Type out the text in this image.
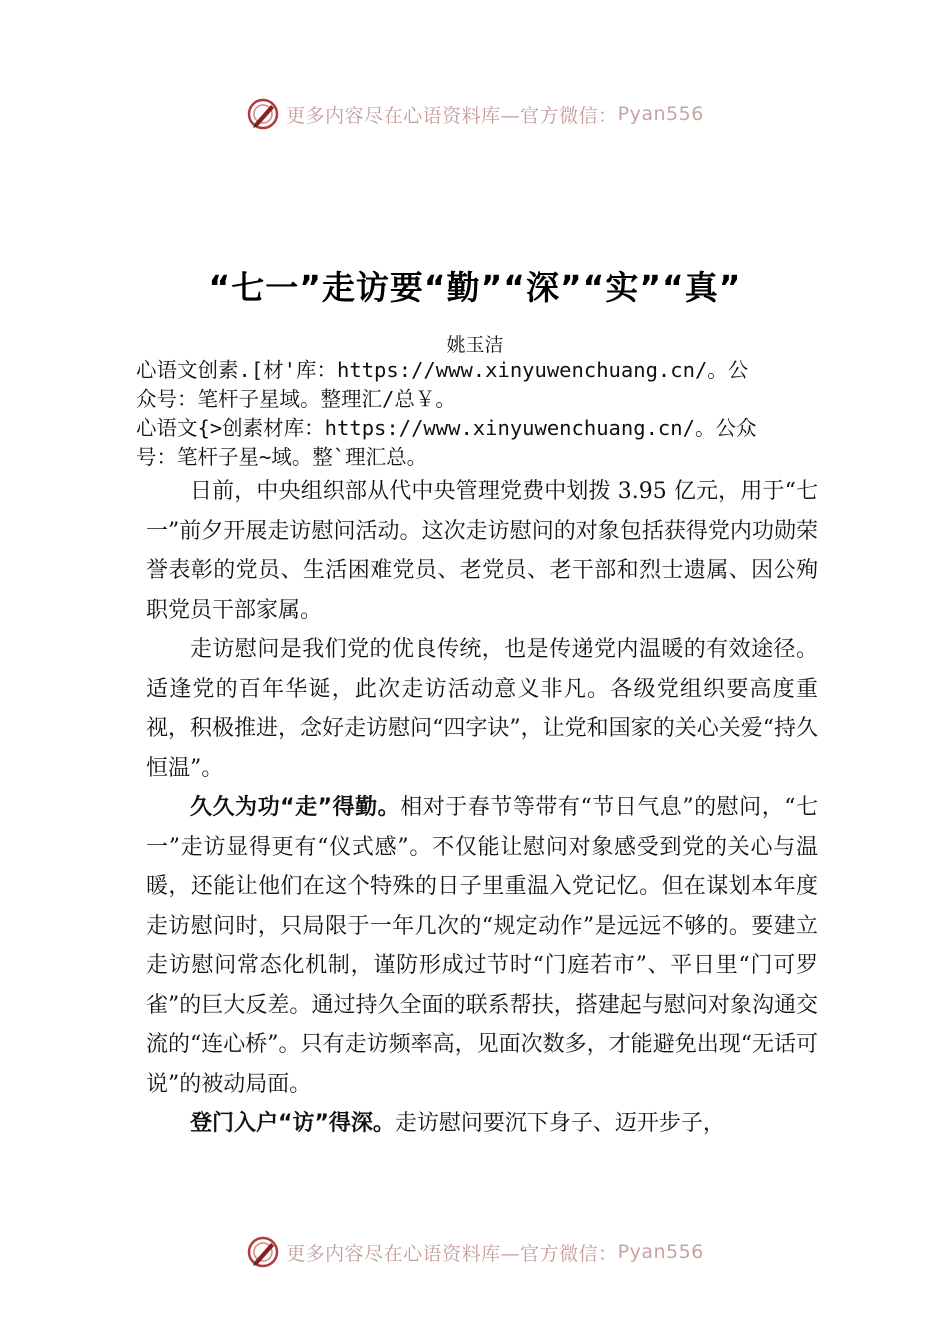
更多内容尽在心语资料库—官方微信： Pyan556
“七一”走访要“勤”“深”“实”“真”
姚玉洁
心语文创素.[材'库：https://www.xinyuwenchuang.cn/。公
众号：笔杆子星域。整理汇/总￥。
心语文{>创素材库：https://www.xinyuwenchuang.cn/。公众
号：笔杆子星~域。整`理汇总。

日前，中央组织部从代中央管理党费中划拨 3.95 亿元，用于“七一”前夕开展走访慰问活动。这次走访慰问的对象包括获得党内功勋荣誉表彰的党员、生活困难党员、老党员、老干部和烈士遗属、因公殉职党员干部家属。

走访慰问是我们党的优良传统，也是传递党内温暖的有效途径。适逢党的百年华诞，此次走访活动意义非凡。各级党组织要高度重视，积极推进，念好走访慰问“四字诀”，让党和国家的关心关爱“持久恒温”。

久久为功“走”得勤。相对于春节等带有“节日气息”的慰问，“七一”走访显得更有“仪式感”。不仅能让慰问对象感受到党的关心与温暖，还能让他们在这个特殊的日子里重温入党记忆。但在谋划本年度走访慰问时，只局限于一年几次的“规定动作”是远远不够的。要建立走访慰问常态化机制，谨防形成过节时“门庭若市”、平日里“门可罗雀”的巨大反差。通过持久全面的联系帮扶，搭建起与慰问对象沟通交流的“连心桥”。只有走访频率高，见面次数多，才能避免出现“无话可说”的被动局面。

登门入户“访”得深。走访慰问要沉下身子、迈开步子，

更多内容尽在心语资料库—官方微信： Pyan556
